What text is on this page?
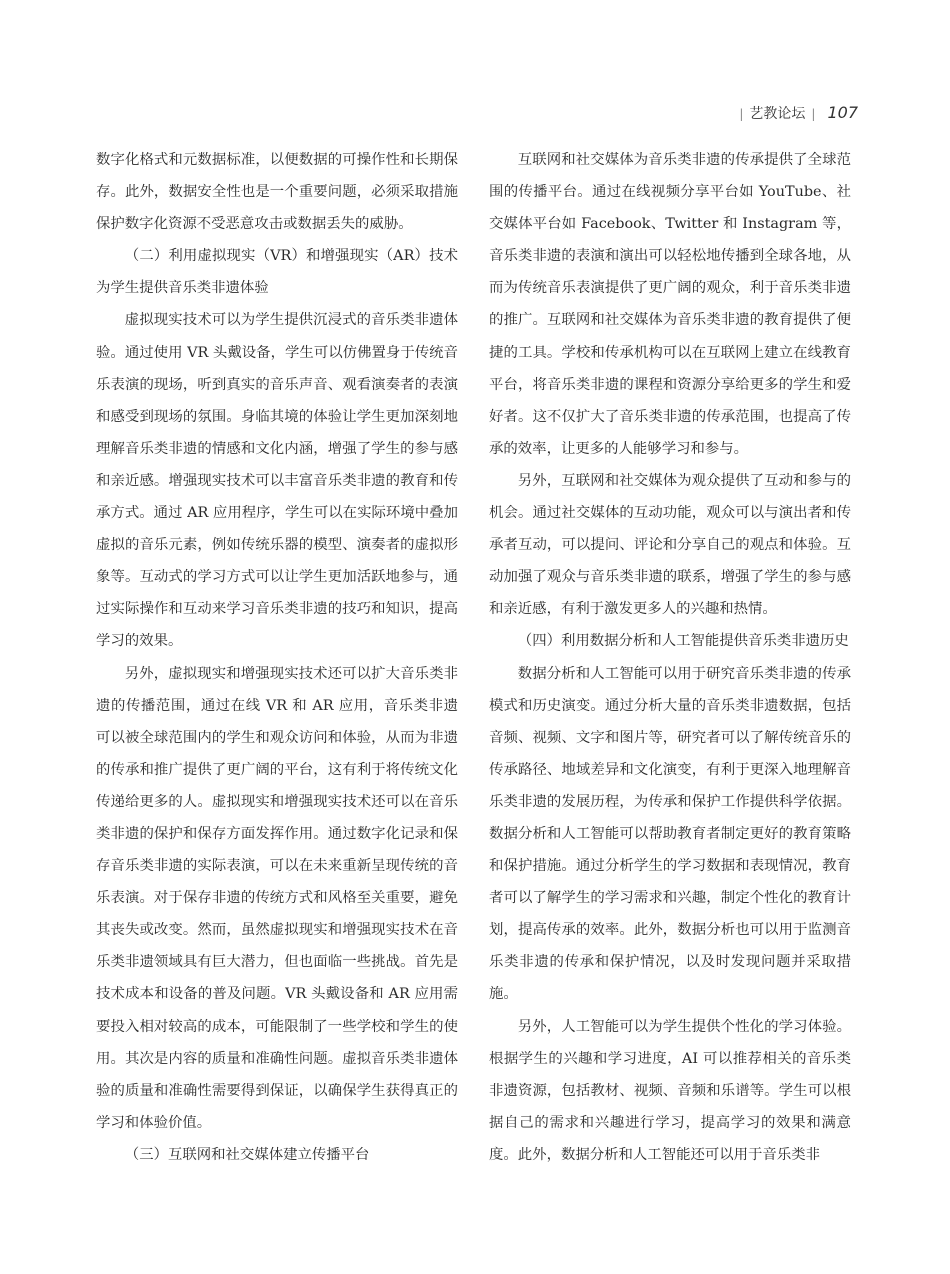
| 艺教论坛 | 107

数字化格式和元数据标准，以便数据的可操作性和长期保存。此外，数据安全性也是一个重要问题，必须采取措施保护数字化资源不受恶意攻击或数据丢失的威胁。

（二）利用虚拟现实（VR）和增强现实（AR）技术为学生提供音乐类非遗体验

虚拟现实技术可以为学生提供沉浸式的音乐类非遗体验。通过使用 VR 头戴设备，学生可以仿佛置身于传统音乐表演的现场，听到真实的音乐声音、观看演奏者的表演和感受到现场的氛围。身临其境的体验让学生更加深刻地理解音乐类非遗的情感和文化内涵，增强了学生的参与感和亲近感。增强现实技术可以丰富音乐类非遗的教育和传承方式。通过 AR 应用程序，学生可以在实际环境中叠加虚拟的音乐元素，例如传统乐器的模型、演奏者的虚拟形象等。互动式的学习方式可以让学生更加活跃地参与，通过实际操作和互动来学习音乐类非遗的技巧和知识，提高学习的效果。

另外，虚拟现实和增强现实技术还可以扩大音乐类非遗的传播范围，通过在线 VR 和 AR 应用，音乐类非遗可以被全球范围内的学生和观众访问和体验，从而为非遗的传承和推广提供了更广阔的平台，这有利于将传统文化传递给更多的人。虚拟现实和增强现实技术还可以在音乐类非遗的保护和保存方面发挥作用。通过数字化记录和保存音乐类非遗的实际表演，可以在未来重新呈现传统的音乐表演。对于保存非遗的传统方式和风格至关重要，避免其丧失或改变。然而，虽然虚拟现实和增强现实技术在音乐类非遗领域具有巨大潜力，但也面临一些挑战。首先是技术成本和设备的普及问题。VR 头戴设备和 AR 应用需要投入相对较高的成本，可能限制了一些学校和学生的使用。其次是内容的质量和准确性问题。虚拟音乐类非遗体验的质量和准确性需要得到保证，以确保学生获得真正的学习和体验价值。

（三）互联网和社交媒体建立传播平台

互联网和社交媒体为音乐类非遗的传承提供了全球范围的传播平台。通过在线视频分享平台如 YouTube、社交媒体平台如 Facebook、Twitter 和 Instagram 等，音乐类非遗的表演和演出可以轻松地传播到全球各地，从而为传统音乐表演提供了更广阔的观众，利于音乐类非遗的推广。互联网和社交媒体为音乐类非遗的教育提供了便捷的工具。学校和传承机构可以在互联网上建立在线教育平台，将音乐类非遗的课程和资源分享给更多的学生和爱好者。这不仅扩大了音乐类非遗的传承范围，也提高了传承的效率，让更多的人能够学习和参与。

另外，互联网和社交媒体为观众提供了互动和参与的机会。通过社交媒体的互动功能，观众可以与演出者和传承者互动，可以提问、评论和分享自己的观点和体验。互动加强了观众与音乐类非遗的联系，增强了学生的参与感和亲近感，有利于激发更多人的兴趣和热情。

（四）利用数据分析和人工智能提供音乐类非遗历史

数据分析和人工智能可以用于研究音乐类非遗的传承模式和历史演变。通过分析大量的音乐类非遗数据，包括音频、视频、文字和图片等，研究者可以了解传统音乐的传承路径、地域差异和文化演变，有利于更深入地理解音乐类非遗的发展历程，为传承和保护工作提供科学依据。数据分析和人工智能可以帮助教育者制定更好的教育策略和保护措施。通过分析学生的学习数据和表现情况，教育者可以了解学生的学习需求和兴趣，制定个性化的教育计划，提高传承的效率。此外，数据分析也可以用于监测音乐类非遗的传承和保护情况，以及时发现问题并采取措施。

另外，人工智能可以为学生提供个性化的学习体验。根据学生的兴趣和学习进度，AI 可以推荐相关的音乐类非遗资源，包括教材、视频、音频和乐谱等。学生可以根据自己的需求和兴趣进行学习，提高学习的效果和满意度。此外，数据分析和人工智能还可以用于音乐类非
